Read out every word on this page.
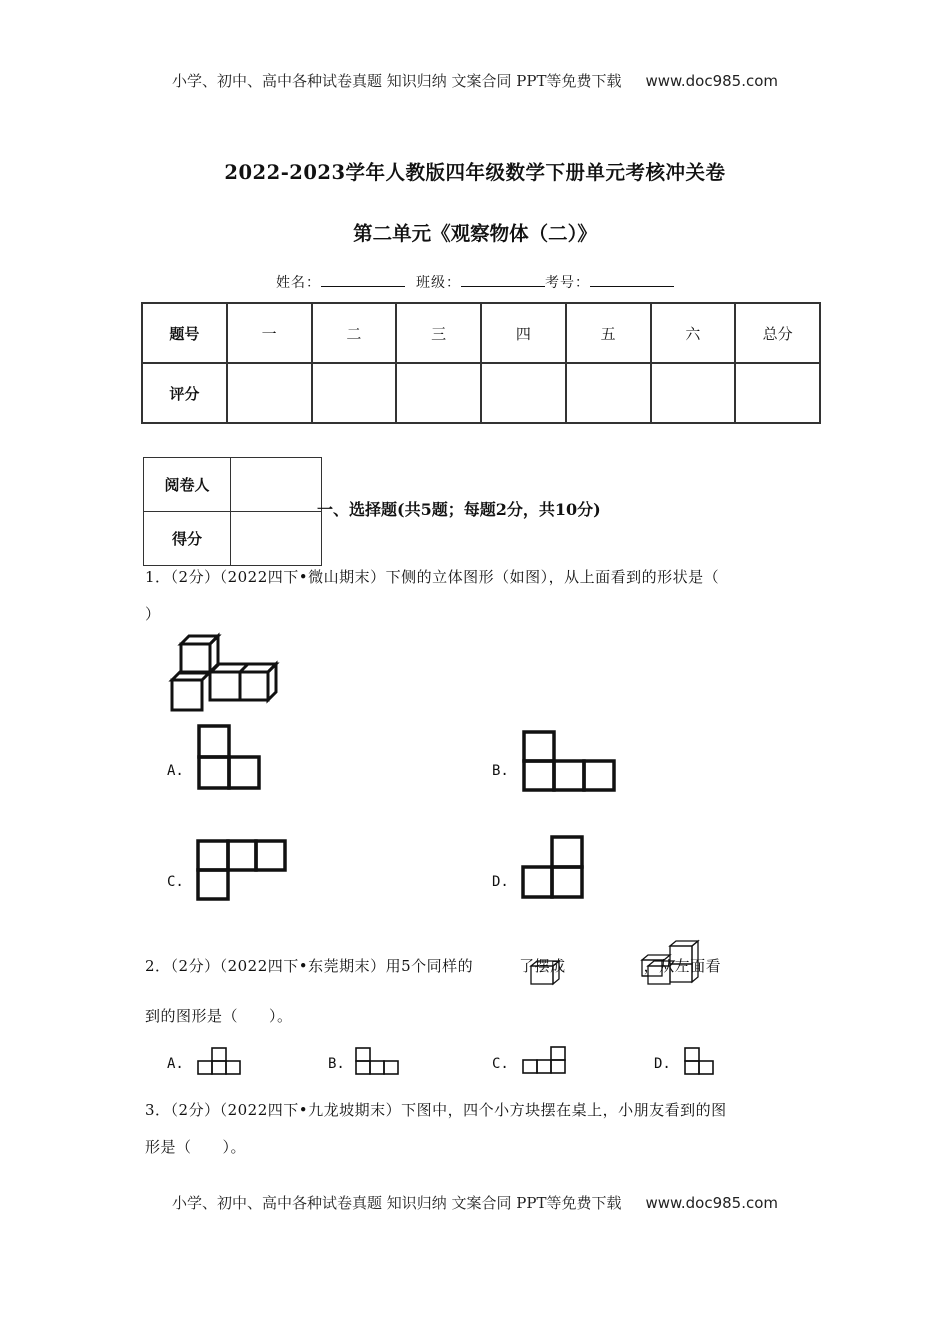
小学、初中、高中各种试卷真题 知识归纳 文案合同 PPT等免费下载 www.doc985.com
2022-2023学年人教版四年级数学下册单元考核冲关卷
第二单元《观察物体（二）》
姓名：	班级：	考号：
题号	一	二	三	四	五	六	总分
评分							
阅卷人	
得分	
一、选择题(共5题；每题2分，共10分)
1．（2分）（2022四下•微山期末）下侧的立体图形（如图），从上面看到的形状是（
）
A.	B.
C.	D.
2．（2分）（2022四下•东莞期末）用5个同样的	了摆成	，从左面看
到的图形是（　　）。
A.	B.	C.	D.
3．（2分）（2022四下•九龙坡期末）下图中，四个小方块摆在桌上，小朋友看到的图
形是（　　）。
小学、初中、高中各种试卷真题 知识归纳 文案合同 PPT等免费下载 www.doc985.com
